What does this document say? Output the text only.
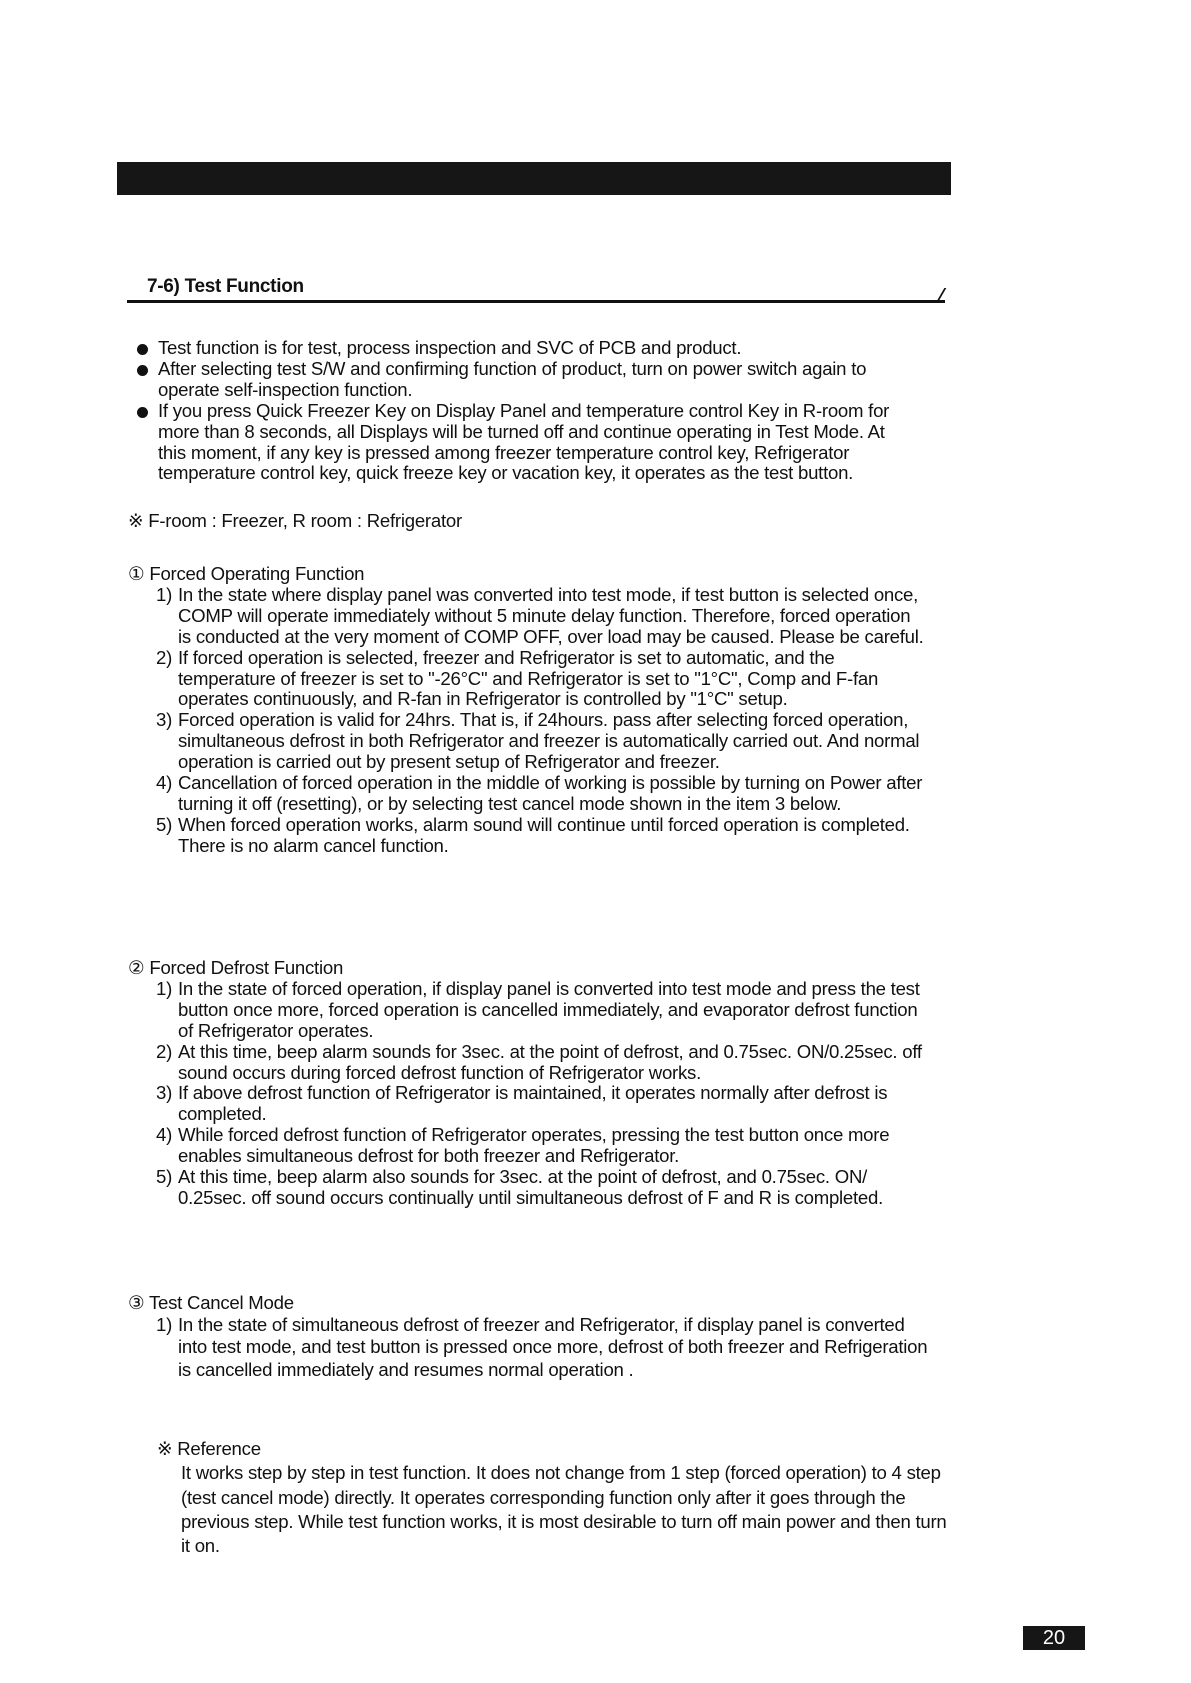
7-6) Test Function
Test function is for test, process inspection and SVC of PCB and product.
After selecting test S/W and confirming function of product, turn on power switch again to operate self-inspection function.
If you press Quick Freezer Key on Display Panel and temperature control Key in R-room for more than 8 seconds, all Displays will be turned off and continue operating in Test Mode. At this moment, if any key is pressed among freezer temperature control key, Refrigerator temperature control key, quick freeze key or vacation key, it operates as the test button.
※ F-room : Freezer, R room : Refrigerator

① Forced Operating Function

1) In the state where display panel was converted into test mode, if test button is selected once, COMP will operate immediately without 5 minute delay function. Therefore, forced operation is conducted at the very moment of COMP OFF, over load may be caused. Please be careful.
2) If forced operation is selected, freezer and Refrigerator is set to automatic, and the temperature of freezer is set to "-26°C" and Refrigerator is set to "1°C", Comp and F-fan operates continuously, and R-fan in Refrigerator is controlled by "1°C" setup.
3) Forced operation is valid for 24hrs. That is, if 24hours. pass after selecting forced operation, simultaneous defrost in both Refrigerator and freezer is automatically carried out. And normal operation is carried out by present setup of Refrigerator and freezer.
4) Cancellation of forced operation in the middle of working is possible by turning on Power after turning it off (resetting), or by selecting test cancel mode shown in the item 3 below.
5) When forced operation works, alarm sound will continue until forced operation is completed. There is no alarm cancel function.

② Forced Defrost Function

1) In the state of forced operation, if display panel is converted into test mode and press the test button once more, forced operation is cancelled immediately, and evaporator defrost function of Refrigerator operates.
2) At this time, beep alarm sounds for 3sec. at the point of defrost, and 0.75sec. ON/0.25sec. off sound occurs during forced defrost function of Refrigerator works.
3) If above defrost function of Refrigerator is maintained, it operates normally after defrost is completed.
4) While forced defrost function of Refrigerator operates, pressing the test button once more enables simultaneous defrost for both freezer and Refrigerator.
5) At this time, beep alarm also sounds for 3sec. at the point of defrost, and 0.75sec. ON/ 0.25sec. off sound occurs continually until simultaneous defrost of F and R is completed.

③ Test Cancel Mode

1) In the state of simultaneous defrost of freezer and Refrigerator, if display panel is converted into test mode, and test button is pressed once more, defrost of both freezer and Refrigeration is cancelled immediately and resumes normal operation .
※ Reference
It works step by step in test function. It does not change from 1 step (forced operation) to 4 step (test cancel mode) directly. It operates corresponding function only after it goes through the previous step. While test function works, it is most desirable to turn off main power and then turn it on.
20
